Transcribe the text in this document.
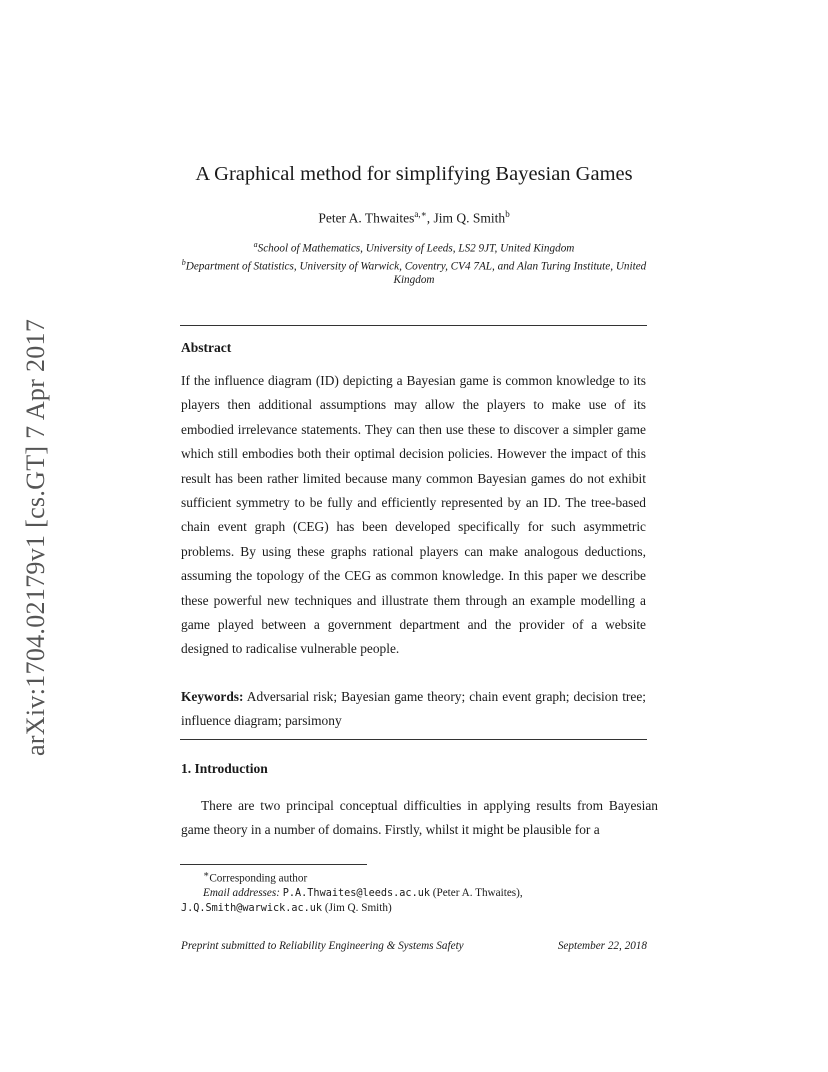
arXiv:1704.02179v1 [cs.GT] 7 Apr 2017
A Graphical method for simplifying Bayesian Games
Peter A. Thwaites$^{a,∗}$, Jim Q. Smith$^b$
$^a$School of Mathematics, University of Leeds, LS2 9JT, United Kingdom
$^b$Department of Statistics, University of Warwick, Coventry, CV4 7AL, and Alan Turing Institute, United Kingdom
Abstract
If the influence diagram (ID) depicting a Bayesian game is common knowledge to its players then additional assumptions may allow the players to make use of its embodied irrelevance statements. They can then use these to discover a simpler game which still embodies both their optimal decision policies. However the impact of this result has been rather limited because many common Bayesian games do not exhibit sufficient symmetry to be fully and efficiently represented by an ID. The tree-based chain event graph (CEG) has been developed specifically for such asymmetric problems. By using these graphs rational players can make analogous deductions, assuming the topology of the CEG as common knowledge. In this paper we describe these powerful new techniques and illustrate them through an example modelling a game played between a government department and the provider of a website designed to radicalise vulnerable people.
Keywords: Adversarial risk; Bayesian game theory; chain event graph; decision tree; influence diagram; parsimony
1. Introduction

There are two principal conceptual difficulties in applying results from Bayesian game theory in a number of domains. Firstly, whilst it might be plausible for a

∗Corresponding author
Email addresses: P.A.Thwaites@leeds.ac.uk (Peter A. Thwaites),
J.Q.Smith@warwick.ac.uk (Jim Q. Smith)
Preprint submitted to Reliability Engineering & Systems Safety	September 22, 2018
